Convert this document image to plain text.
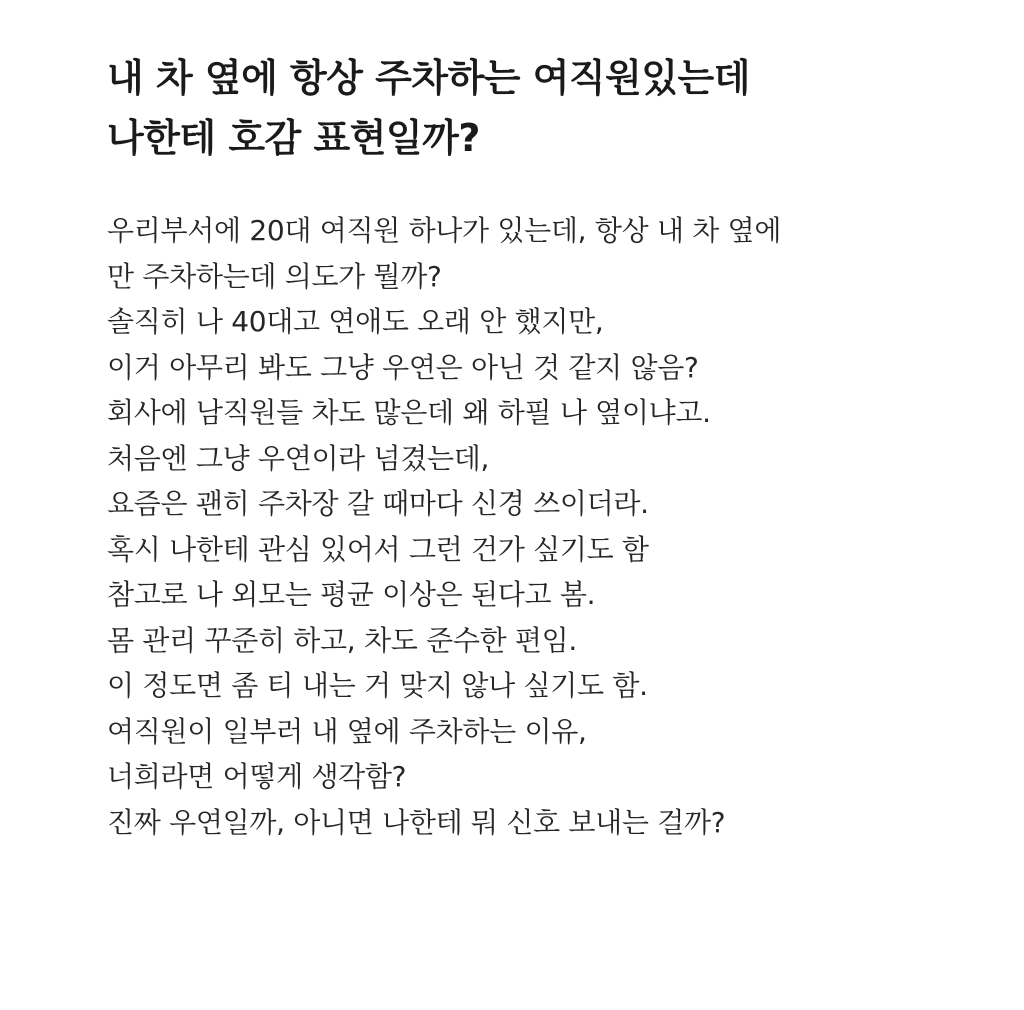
내 차 옆에 항상 주차하는 여직원있는데
나한테 호감 표현일까?
우리부서에 20대 여직원 하나가 있는데, 항상 내 차 옆에
만 주차하는데 의도가 뭘까?
솔직히 나 40대고 연애도 오래 안 했지만,
이거 아무리 봐도 그냥 우연은 아닌 것 같지 않음?
회사에 남직원들 차도 많은데 왜 하필 나 옆이냐고.
처음엔 그냥 우연이라 넘겼는데,
요즘은 괜히 주차장 갈 때마다 신경 쓰이더라.
혹시 나한테 관심 있어서 그런 건가 싶기도 함
참고로 나 외모는 평균 이상은 된다고 봄.
몸 관리 꾸준히 하고, 차도 준수한 편임.
이 정도면 좀 티 내는 거 맞지 않나 싶기도 함.
여직원이 일부러 내 옆에 주차하는 이유,
너희라면 어떻게 생각함?
진짜 우연일까, 아니면 나한테 뭐 신호 보내는 걸까?
